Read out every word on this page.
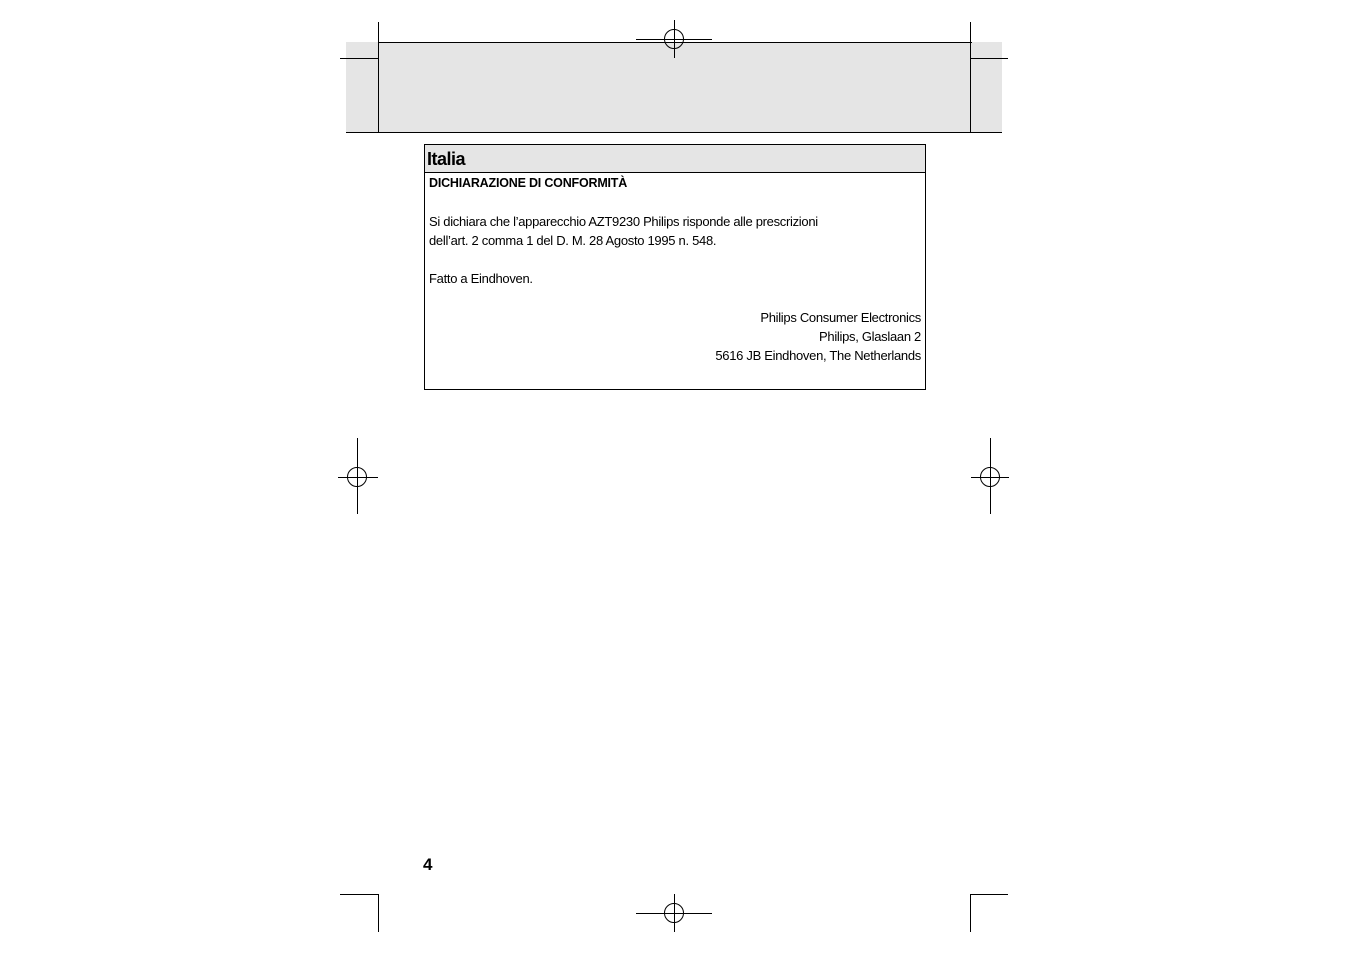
Italia
DICHIARAZIONE DI CONFORMITÀ
Si dichiara che l’apparecchio AZT9230 Philips risponde alle prescrizioni
dell’art. 2 comma 1 del D. M. 28 Agosto 1995 n. 548.
Fatto a Eindhoven.
Philips Consumer Electronics
Philips, Glaslaan 2
5616 JB Eindhoven, The Netherlands
4
